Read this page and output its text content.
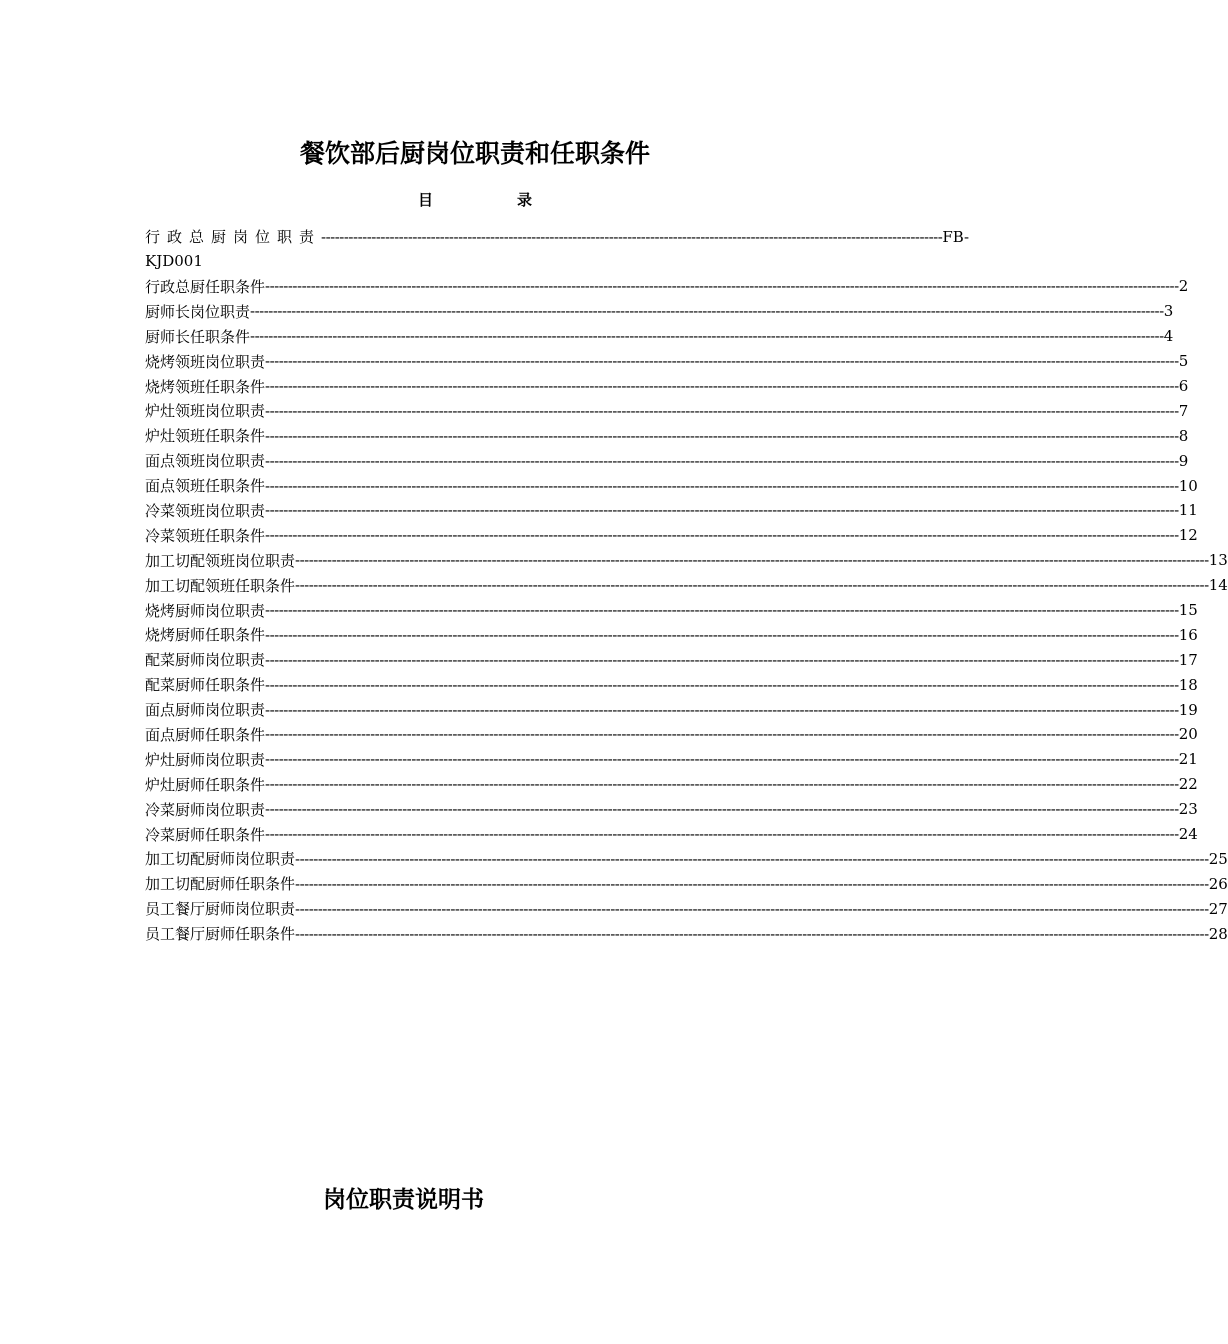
餐饮部后厨岗位职责和任职条件
目	录
行政总厨岗位职责 ---------------------------------------------------------------------------------------------------------------------------------------- FB-
KJD001
行政总厨任职条件 -------------------------------------------------------------------------------------------------------------------------------------------------------------------------------------------------------- 2
厨师长岗位职责 -------------------------------------------------------------------------------------------------------------------------------------------------------------------------------------------------------- 3
厨师长任职条件 -------------------------------------------------------------------------------------------------------------------------------------------------------------------------------------------------------- 4
烧烤领班岗位职责 -------------------------------------------------------------------------------------------------------------------------------------------------------------------------------------------------------- 5
烧烤领班任职条件 -------------------------------------------------------------------------------------------------------------------------------------------------------------------------------------------------------- 6
炉灶领班岗位职责 -------------------------------------------------------------------------------------------------------------------------------------------------------------------------------------------------------- 7
炉灶领班任职条件 -------------------------------------------------------------------------------------------------------------------------------------------------------------------------------------------------------- 8
面点领班岗位职责 -------------------------------------------------------------------------------------------------------------------------------------------------------------------------------------------------------- 9
面点领班任职条件 -------------------------------------------------------------------------------------------------------------------------------------------------------------------------------------------------------- 10
冷菜领班岗位职责 -------------------------------------------------------------------------------------------------------------------------------------------------------------------------------------------------------- 11
冷菜领班任职条件 -------------------------------------------------------------------------------------------------------------------------------------------------------------------------------------------------------- 12
加工切配领班岗位职责 -------------------------------------------------------------------------------------------------------------------------------------------------------------------------------------------------------- 13
加工切配领班任职条件 -------------------------------------------------------------------------------------------------------------------------------------------------------------------------------------------------------- 14
烧烤厨师岗位职责 -------------------------------------------------------------------------------------------------------------------------------------------------------------------------------------------------------- 15
烧烤厨师任职条件 -------------------------------------------------------------------------------------------------------------------------------------------------------------------------------------------------------- 16
配菜厨师岗位职责 -------------------------------------------------------------------------------------------------------------------------------------------------------------------------------------------------------- 17
配菜厨师任职条件 -------------------------------------------------------------------------------------------------------------------------------------------------------------------------------------------------------- 18
面点厨师岗位职责 -------------------------------------------------------------------------------------------------------------------------------------------------------------------------------------------------------- 19
面点厨师任职条件 -------------------------------------------------------------------------------------------------------------------------------------------------------------------------------------------------------- 20
炉灶厨师岗位职责 -------------------------------------------------------------------------------------------------------------------------------------------------------------------------------------------------------- 21
炉灶厨师任职条件 -------------------------------------------------------------------------------------------------------------------------------------------------------------------------------------------------------- 22
冷菜厨师岗位职责 -------------------------------------------------------------------------------------------------------------------------------------------------------------------------------------------------------- 23
冷菜厨师任职条件 -------------------------------------------------------------------------------------------------------------------------------------------------------------------------------------------------------- 24
加工切配厨师岗位职责 -------------------------------------------------------------------------------------------------------------------------------------------------------------------------------------------------------- 25
加工切配厨师任职条件 -------------------------------------------------------------------------------------------------------------------------------------------------------------------------------------------------------- 26
员工餐厅厨师岗位职责 -------------------------------------------------------------------------------------------------------------------------------------------------------------------------------------------------------- 27
员工餐厅厨师任职条件 -------------------------------------------------------------------------------------------------------------------------------------------------------------------------------------------------------- 28
岗位职责说明书
